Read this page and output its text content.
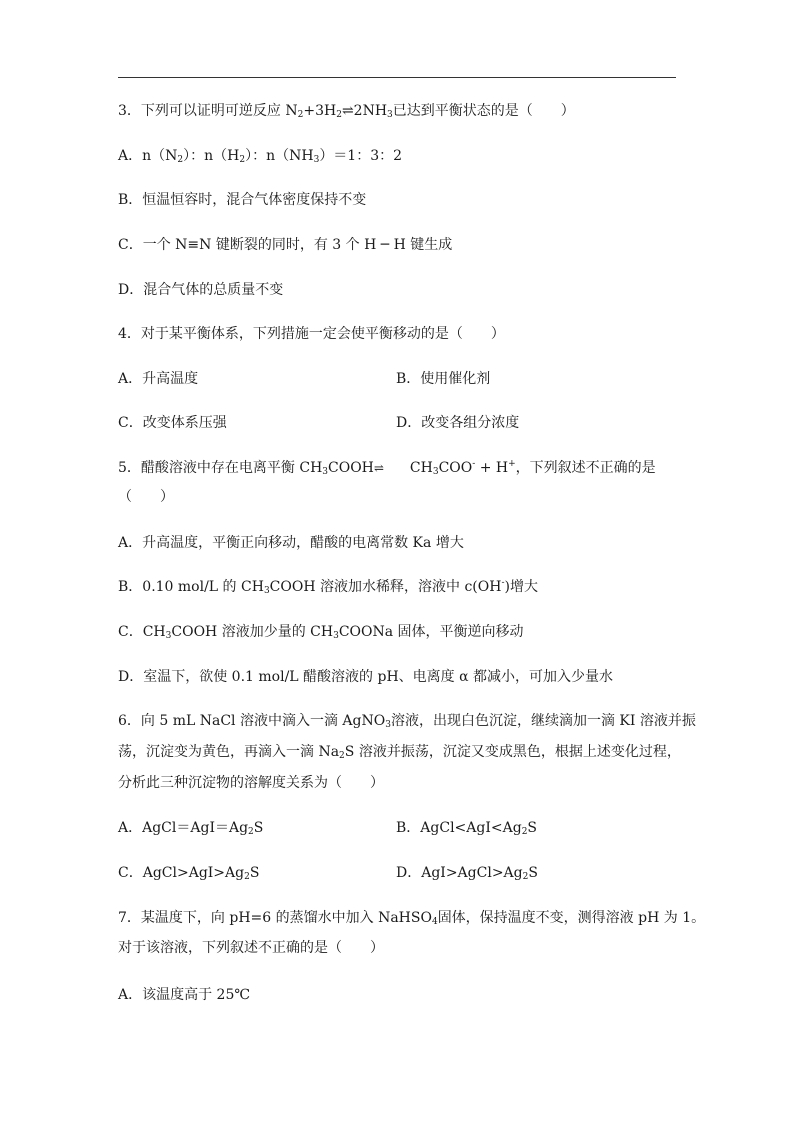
3．下列可以证明可逆反应 $N_2+3H_2\rightleftharpoons 2NH_3$已达到平衡状态的是（　　）
A．$n(N_2)$：$n(H_2)$：$n(NH_3)=1$：3：2
B．恒温恒容时，混合气体密度保持不变
C．一个 N≡N 键断裂的同时，有 3 个 H ─ H 键生成
D．混合气体的总质量不变
4．对于某平衡体系，下列措施一定会使平衡移动的是（　　）
A．升高温度	B．使用催化剂
C．改变体系压强	D．改变各组分浓度
5．醋酸溶液中存在电离平衡 $CH_3COOH\rightleftharpoons$ $CH_3COO^- + H^+$，下列叙述不正确的是
（　　）
A．升高温度，平衡正向移动，醋酸的电离常数 Ka 增大
B．0.10 mol/L 的 $CH_3COOH$ 溶液加水稀释，溶液中 c(OH-)增大
C．$CH_3COOH$ 溶液加少量的 $CH_3COONa$ 固体，平衡逆向移动
D．室温下，欲使 0.1 mol/L 醋酸溶液的 pH、电离度 α 都减小，可加入少量水
6．向 5 mL NaCl 溶液中滴入一滴 AgNO$_3$溶液，出现白色沉淀，继续滴加一滴 KI 溶液并振
荡，沉淀变为黄色，再滴入一滴 $Na_2S$ 溶液并振荡，沉淀又变成黑色，根据上述变化过程，
分析此三种沉淀物的溶解度关系为（　　）
A．$AgCl=AgI=Ag_2S$	B．$AgCl<AgI<Ag_2S$
C．$AgCl>AgI>Ag_2S$	D．$AgI>AgCl>Ag_2S$
7．某温度下，向 pH=6 的蒸馏水中加入 NaHSO$_4$固体，保持温度不变，测得溶液 pH 为 1。
对于该溶液，下列叙述不正确的是（　　）
A．该温度高于 25℃
